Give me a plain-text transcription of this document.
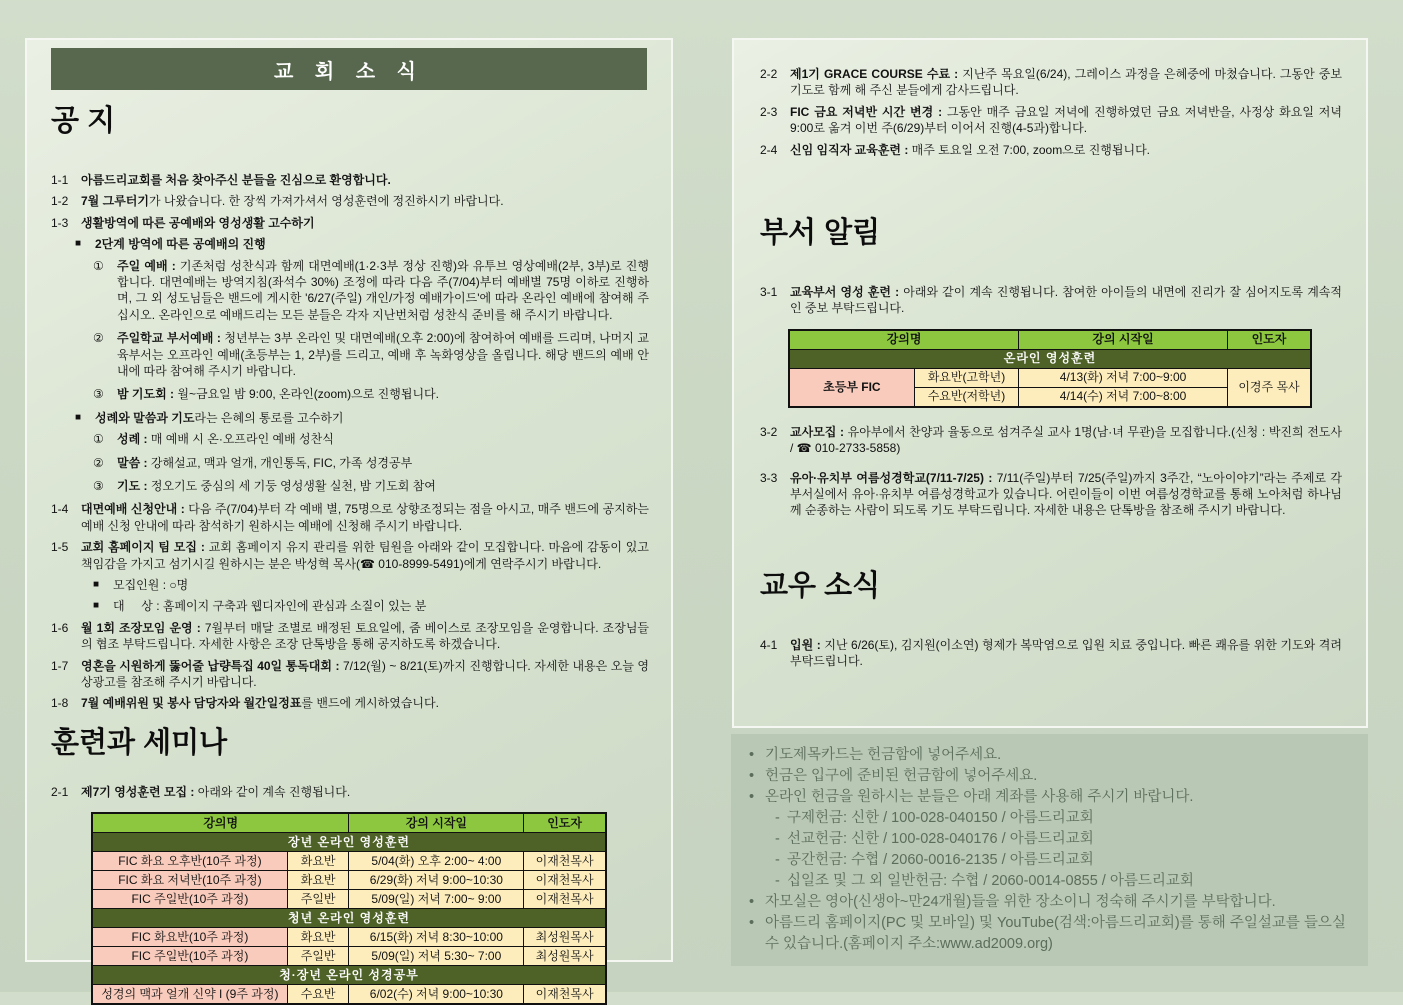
교 회 소 식
공 지
1-1	아름드리교회를 처음 찾아주신 분들을 진심으로 환영합니다.
1-2	7월 그루터기가 나왔습니다. 한 장씩 가져가셔서 영성훈련에 정진하시기 바랍니다.
1-3	생활방역에 따른 공예배와 영성생활 고수하기
■	2단계 방역에 따른 공예배의 진행
①	주일 예배 : 기존처럼 성찬식과 함께 대면예배(1·2·3부 정상 진행)와 유투브 영상예배(2부, 3부)로 진행합니다. 대면예배는 방역지침(좌석수 30%) 조정에 따라 다음 주(7/04)부터 예배별 75명 이하로 진행하며, 그 외 성도님들은 밴드에 게시한 '6/27(주일) 개인/가정 예배가이드'에 따라 온라인 예배에 참여해 주십시오. 온라인으로 예배드리는 모든 분들은 각자 지난번처럼 성찬식 준비를 해 주시기 바랍니다.
②	주일학교 부서예배 : 청년부는 3부 온라인 및 대면예배(오후 2:00)에 참여하여 예배를 드리며, 나머지 교육부서는 오프라인 예배(초등부는 1, 2부)를 드리고, 예배 후 녹화영상을 올립니다. 해당 밴드의 예배 안내에 따라 참여해 주시기 바랍니다.
③	밤 기도회 : 월~금요일 밤 9:00, 온라인(zoom)으로 진행됩니다.
■	성례와 말씀과 기도라는 은혜의 통로를 고수하기
①	성례 : 매 예배 시 온·오프라인 예배 성찬식
②	말씀 : 강해설교, 맥과 얼개, 개인통독, FIC, 가족 성경공부
③	기도 : 정오기도 중심의 세 기둥 영성생활 실천, 밤 기도회 참여
1-4	대면예배 신청안내 : 다음 주(7/04)부터 각 예배 별, 75명으로 상향조정되는 점을 아시고, 매주 밴드에 공지하는 예배 신청 안내에 따라 참석하기 원하시는 예배에 신청해 주시기 바랍니다.
1-5	교회 홈페이지 팀 모집 : 교회 홈페이지 유지 관리를 위한 팀원을 아래와 같이 모집합니다. 마음에 감동이 있고 책임감을 가지고 섬기시길 원하시는 분은 박성혁 목사(☎ 010-8999-5491)에게 연락주시기 바랍니다.
■	모집인원 : ○명
■	대     상 : 홈페이지 구축과 웹디자인에 관심과 소질이 있는 분
1-6	월 1회 조장모임 운영 : 7월부터 매달 조별로 배정된 토요일에, 줌 베이스로 조장모임을 운영합니다. 조장님들의 협조 부탁드립니다. 자세한 사항은 조장 단톡방을 통해 공지하도록 하겠습니다.
1-7	영혼을 시원하게 뚫어줄 납량특집 40일 통독대회 : 7/12(월) ~ 8/21(토)까지 진행합니다. 자세한 내용은 오늘 영상광고를 참조해 주시기 바랍니다.
1-8	7월 예배위원 및 봉사 담당자와 월간일정표를 밴드에 게시하였습니다.
훈련과 세미나
2-1	제7기 영성훈련 모집 : 아래와 같이 계속 진행됩니다.
강의명		강의 시작일	인도자
장년 온라인 영성훈련			
FIC 화요 오후반(10주 과정)	화요반	5/04(화) 오후 2:00~ 4:00	이재천목사
FIC 화요 저녁반(10주 과정)	화요반	6/29(화) 저녁 9:00~10:30	이재천목사
FIC 주일반(10주 과정)	주일반	5/09(일) 저녁 7:00~ 9:00	이재천목사
청년 온라인 영성훈련			
FIC 화요반(10주 과정)	화요반	6/15(화) 저녁 8:30~10:00	최성원목사
FIC 주일반(10주 과정)	주일반	5/09(일) 저녁 5:30~ 7:00	최성원목사
청·장년 온라인 성경공부			
성경의 맥과 얼개 신약 I (9주 과정)	수요반	6/02(수) 저녁 9:00~10:30	이재천목사
2-2	제1기 GRACE COURSE 수료 : 지난주 목요일(6/24), 그레이스 과정을 은혜중에 마쳤습니다. 그동안 중보기도로 함께 해 주신 분들에게 감사드립니다.
2-3	FIC 금요 저녁반 시간 변경 : 그동안 매주 금요일 저녁에 진행하였던 금요 저녁반을, 사정상 화요일 저녁 9:00로 옮겨 이번 주(6/29)부터 이어서 진행(4-5과)합니다.
2-4	신임 임직자 교육훈련 : 매주 토요일 오전 7:00, zoom으로 진행됩니다.
부서 알림
3-1	교육부서 영성 훈련 : 아래와 같이 계속 진행됩니다. 참여한 아이들의 내면에 진리가 잘 심어지도록 계속적인 중보 부탁드립니다.
강의명		강의 시작일	인도자
온라인 영성훈련			
초등부 FIC	화요반(고학년)	4/13(화) 저녁 7:00~9:00	이경주 목사
	수요반(저학년)	4/14(수) 저녁 7:00~8:00	
3-2	교사모집 : 유아부에서 찬양과 율동으로 섬겨주실 교사 1명(남·녀 무관)을 모집합니다.(신청 : 박진희 전도사 / ☎ 010-2733-5858)
3-3	유아·유치부 여름성경학교(7/11-7/25) : 7/11(주일)부터 7/25(주일)까지 3주간, “노아이야기”라는 주제로 각 부서실에서 유아·유치부 여름성경학교가 있습니다. 어린이들이 이번 여름성경학교를 통해 노아처럼 하나님께 순종하는 사람이 되도록 기도 부탁드립니다. 자세한 내용은 단톡방을 참조해 주시기 바랍니다.
교우 소식
4-1	입원 : 지난 6/26(토), 김지원(이소연) 형제가 복막염으로 입원 치료 중입니다. 빠른 쾌유를 위한 기도와 격려 부탁드립니다.
• 기도제목카드는 헌금함에 넣어주세요.
• 헌금은 입구에 준비된 헌금함에 넣어주세요.
• 온라인 헌금을 원하시는 분들은 아래 계좌를 사용해 주시기 바랍니다.
- 구제헌금: 신한 / 100-028-040150 / 아름드리교회
- 선교헌금: 신한 / 100-028-040176 / 아름드리교회
- 공간헌금: 수협 / 2060-0016-2135 / 아름드리교회
- 십일조 및 그 외 일반헌금: 수협 / 2060-0014-0855 / 아름드리교회
• 자모실은 영아(신생아~만24개월)들을 위한 장소이니 정숙해 주시기를 부탁합니다.
• 아름드리 홈페이지(PC 및 모바일) 및 YouTube(검색:아름드리교회)를 통해 주일설교를 들으실 수 있습니다.(홈페이지 주소:www.ad2009.org)
